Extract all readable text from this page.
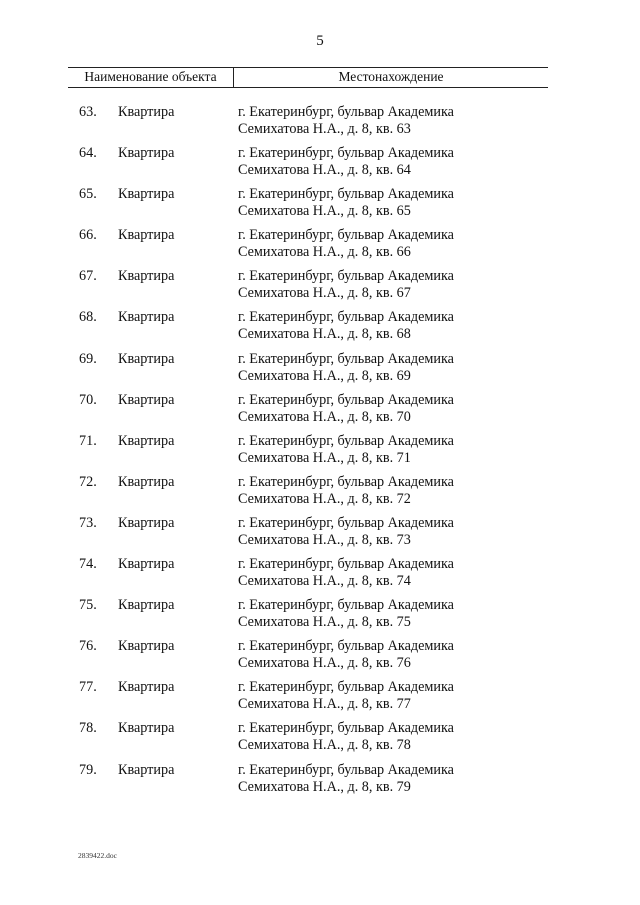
5
Наименование объекта	Местонахождение
63. Квартира	г. Екатеринбург, бульвар Академика
Семихатова Н.А., д. 8, кв. 63
64. Квартира	г. Екатеринбург, бульвар Академика
Семихатова Н.А., д. 8, кв. 64
65. Квартира	г. Екатеринбург, бульвар Академика
Семихатова Н.А., д. 8, кв. 65
66. Квартира	г. Екатеринбург, бульвар Академика
Семихатова Н.А., д. 8, кв. 66
67. Квартира	г. Екатеринбург, бульвар Академика
Семихатова Н.А., д. 8, кв. 67
68. Квартира	г. Екатеринбург, бульвар Академика
Семихатова Н.А., д. 8, кв. 68
69. Квартира	г. Екатеринбург, бульвар Академика
Семихатова Н.А., д. 8, кв. 69
70. Квартира	г. Екатеринбург, бульвар Академика
Семихатова Н.А., д. 8, кв. 70
71. Квартира	г. Екатеринбург, бульвар Академика
Семихатова Н.А., д. 8, кв. 71
72. Квартира	г. Екатеринбург, бульвар Академика
Семихатова Н.А., д. 8, кв. 72
73. Квартира	г. Екатеринбург, бульвар Академика
Семихатова Н.А., д. 8, кв. 73
74. Квартира	г. Екатеринбург, бульвар Академика
Семихатова Н.А., д. 8, кв. 74
75. Квартира	г. Екатеринбург, бульвар Академика
Семихатова Н.А., д. 8, кв. 75
76. Квартира	г. Екатеринбург, бульвар Академика
Семихатова Н.А., д. 8, кв. 76
77. Квартира	г. Екатеринбург, бульвар Академика
Семихатова Н.А., д. 8, кв. 77
78. Квартира	г. Екатеринбург, бульвар Академика
Семихатова Н.А., д. 8, кв. 78
79. Квартира	г. Екатеринбург, бульвар Академика
Семихатова Н.А., д. 8, кв. 79
2839422.doc
